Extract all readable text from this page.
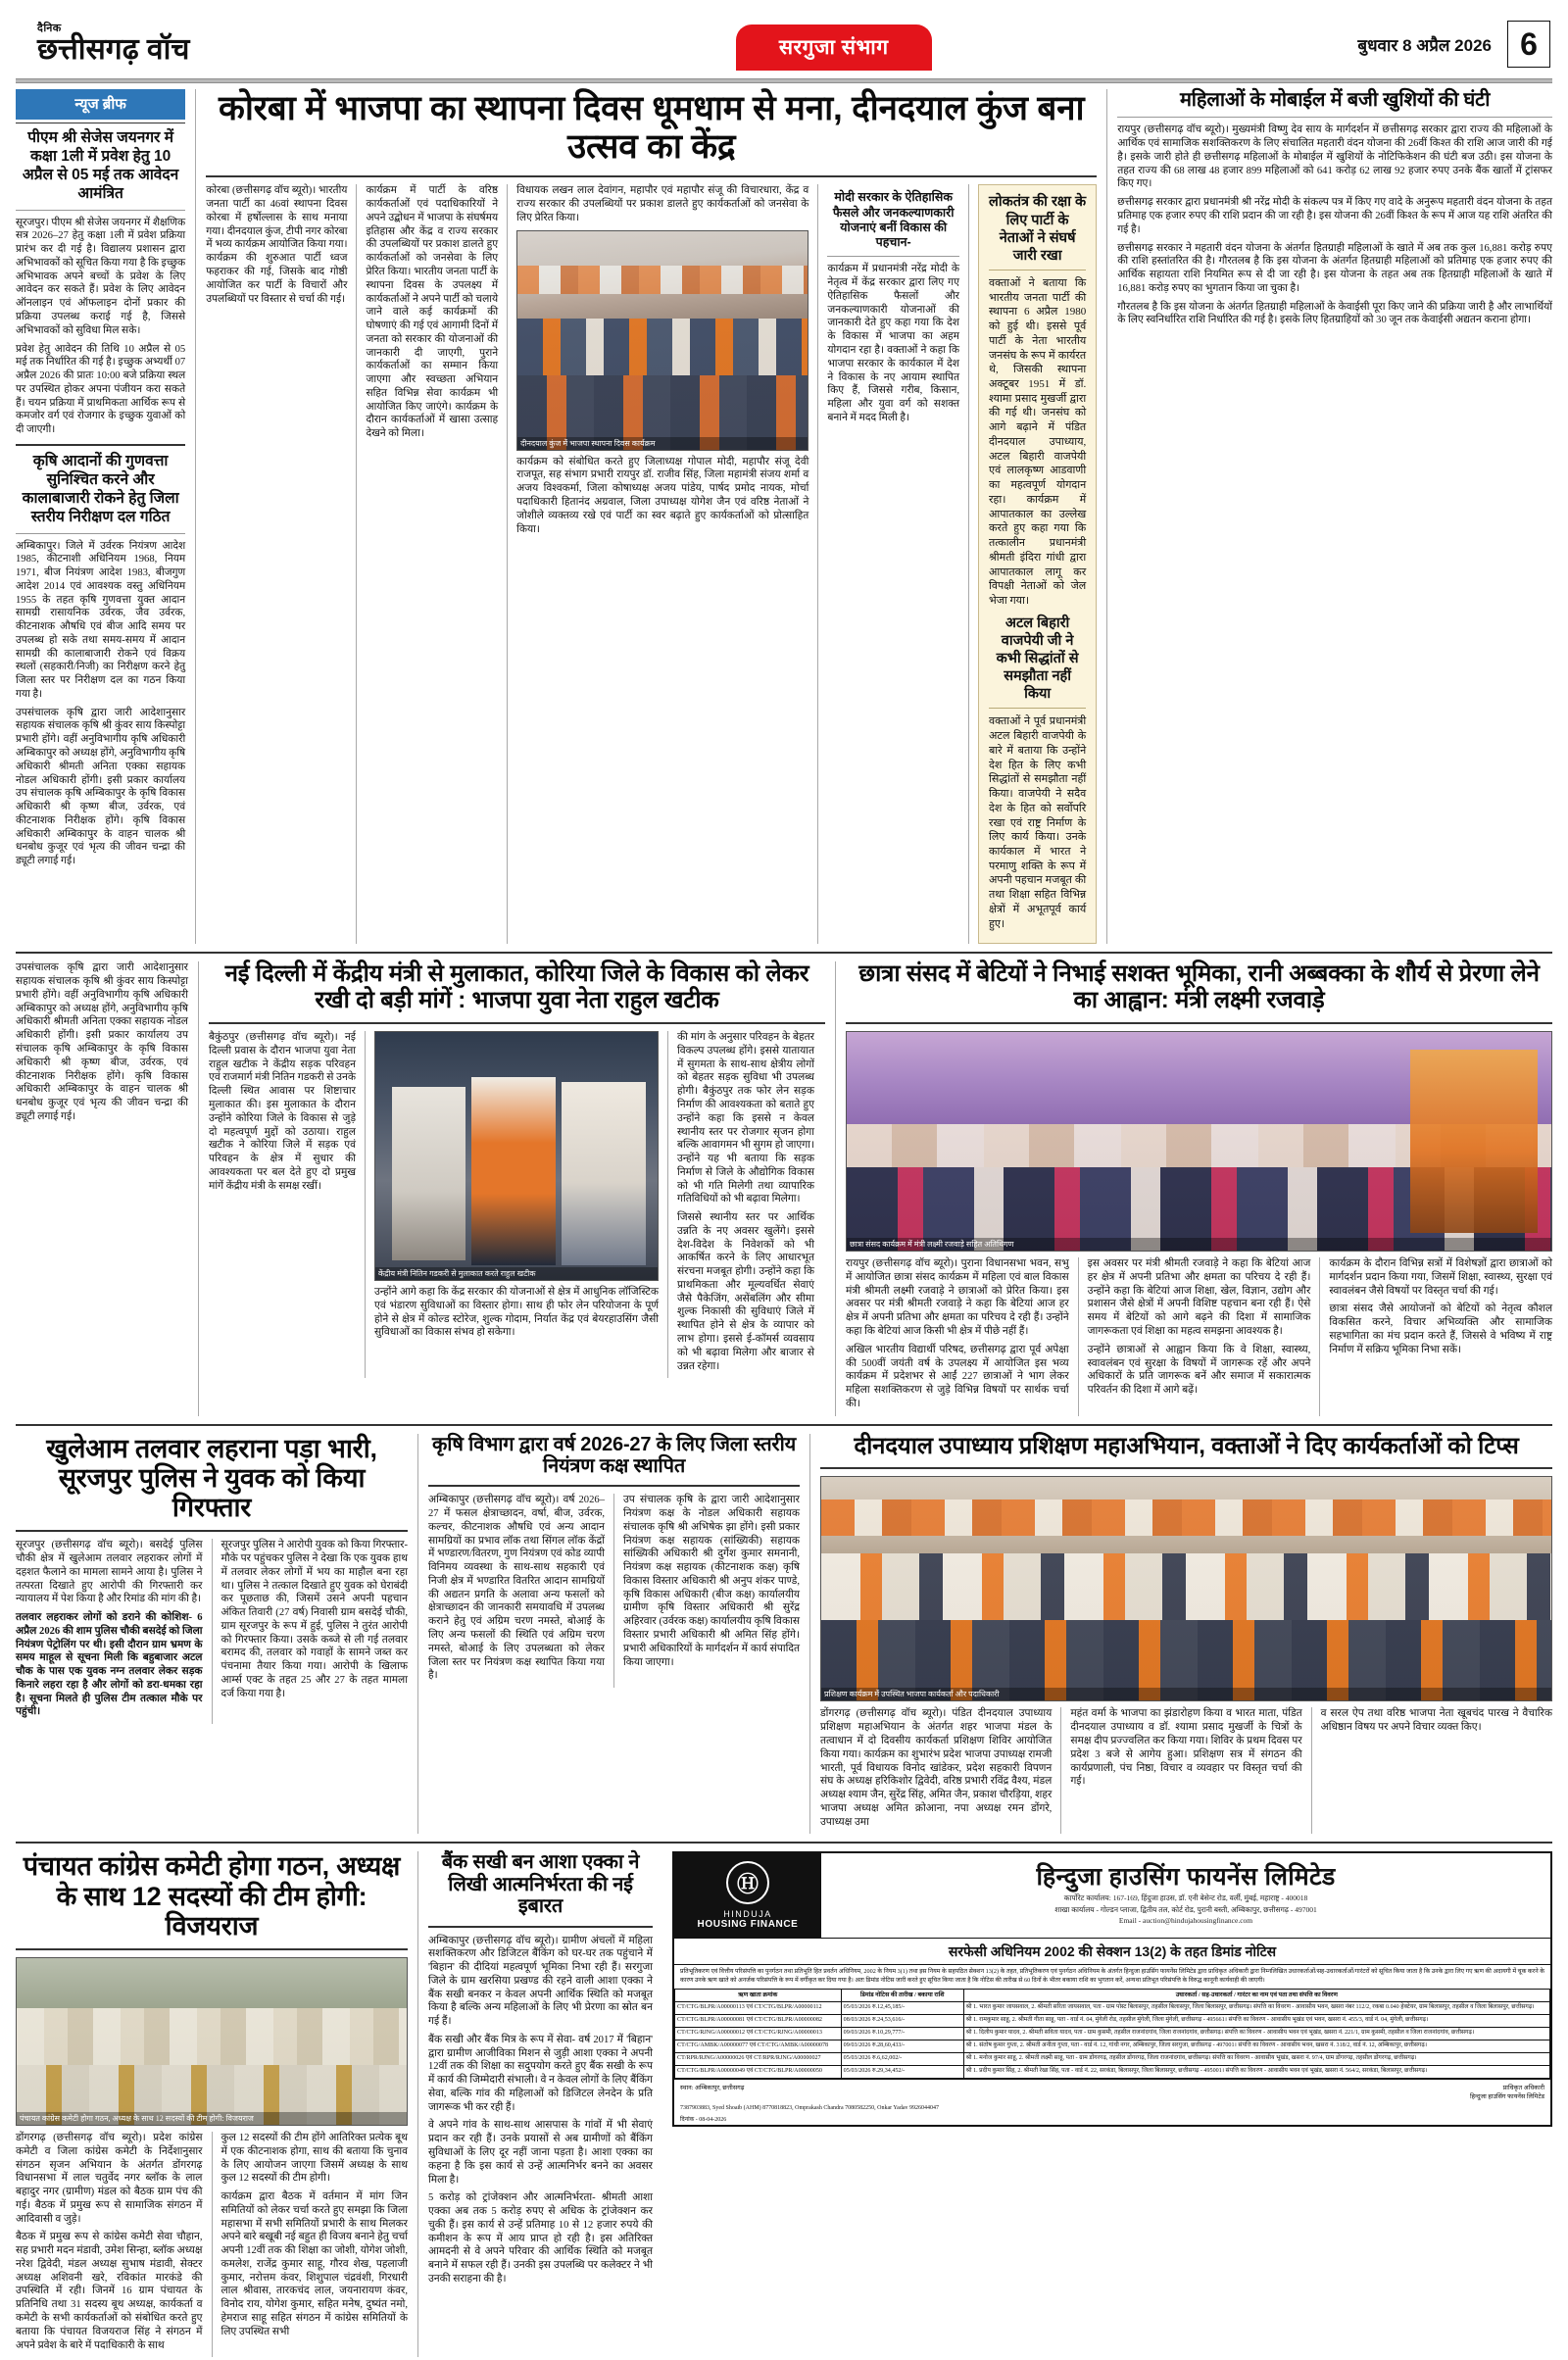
दैनिक
छत्तीसगढ़ वॉच	सरगुजा संभाग	बुधवार 8 अप्रैल 2026 6
न्यूज ब्रीफ
पीएम श्री सेजेस जयनगर में कक्षा 1ली में प्रवेश हेतु 10 अप्रैल से 05 मई तक आवेदन आमंत्रित

सूरजपुर। पीएम श्री सेजेस जयनगर में शैक्षणिक सत्र 2026–27 हेतु कक्षा 1ली में प्रवेश प्रक्रिया प्रारंभ कर दी गई है। विद्यालय प्रशासन द्वारा अभिभावकों को सूचित किया गया है कि इच्छुक अभिभावक अपने बच्चों के प्रवेश के लिए आवेदन कर सकते हैं। प्रवेश के लिए आवेदन ऑनलाइन एवं ऑफलाइन दोनों प्रकार की प्रक्रिया उपलब्ध कराई गई है, जिससे अभिभावकों को सुविधा मिल सके।

प्रवेश हेतु आवेदन की तिथि 10 अप्रैल से 05 मई तक निर्धारित की गई है। इच्छुक अभ्यर्थी 07 अप्रैल 2026 की प्रातः 10:00 बजे प्रक्रिया स्थल पर उपस्थित होकर अपना पंजीयन करा सकते हैं। चयन प्रक्रिया में प्राथमिकता आर्थिक रूप से कमजोर वर्ग एवं रोजगार के इच्छुक युवाओं को दी जाएगी।

कृषि आदानों की गुणवत्ता सुनिश्चित करने और कालाबाजारी रोकने हेतु जिला स्तरीय निरीक्षण दल गठित

अम्बिकापुर। जिले में उर्वरक नियंत्रण आदेश 1985, कीटनाशी अधिनियम 1968, नियम 1971, बीज नियंत्रण आदेश 1983, बीजगुण आदेश 2014 एवं आवश्यक वस्तु अधिनियम 1955 के तहत कृषि गुणवत्ता युक्त आदान सामग्री रासायनिक उर्वरक, जैव उर्वरक, कीटनाशक औषधि एवं बीज आदि समय पर उपलब्ध हो सके तथा समय-समय में आदान सामग्री की कालाबाजारी रोकने एवं विक्रय स्थलों (सहकारी/निजी) का निरीक्षण करने हेतु जिला स्तर पर निरीक्षण दल का गठन किया गया है।

उपसंचालक कृषि द्वारा जारी आदेशानुसार सहायक संचालक कृषि श्री कुंवर साय किस्पोट्टा प्रभारी होंगे। वहीं अनुविभागीय कृषि अधिकारी अम्बिकापुर को अध्यक्ष होंगे, अनुविभागीय कृषि अधिकारी श्रीमती अनिता एक्का सहायक नोडल अधिकारी होंगी। इसी प्रकार कार्यालय उप संचालक कृषि अम्बिकापुर के कृषि विकास अधिकारी श्री कृष्ण बीज, उर्वरक, एवं कीटनाशक निरीक्षक होंगे। कृषि विकास अधिकारी अम्बिकापुर के वाहन चालक श्री धनबोध कुजूर एवं भृत्य की जीवन चन्द्रा की ड्यूटी लगाई गई।

कोरबा में भाजपा का स्थापना दिवस धूमधाम से मना, दीनदयाल कुंज बना उत्सव का केंद्र

कोरबा (छत्तीसगढ़ वॉच ब्यूरो)। भारतीय जनता पार्टी का 46वां स्थापना दिवस कोरबा में हर्षोल्लास के साथ मनाया गया। दीनदयाल कुंज, टीपी नगर कोरबा में भव्य कार्यक्रम आयोजित किया गया। कार्यक्रम की शुरुआत पार्टी ध्वज फहराकर की गई, जिसके बाद गोष्ठी आयोजित कर पार्टी के विचारों और उपलब्धियों पर विस्तार से चर्चा की गई।

कार्यक्रम में पार्टी के वरिष्ठ कार्यकर्ताओं एवं पदाधिकारियों ने अपने उद्बोधन में भाजपा के संघर्षमय इतिहास और केंद्र व राज्य सरकार की उपलब्धियों पर प्रकाश डालते हुए कार्यकर्ताओं को जनसेवा के लिए प्रेरित किया। भारतीय जनता पार्टी के स्थापना दिवस के उपलक्ष्य में कार्यकर्ताओं ने अपने पार्टी को चलाये जाने वाले कई कार्यक्रमों की घोषणाएं की गई एवं आगामी दिनों में जनता को सरकार की योजनाओं की जानकारी दी जाएगी, पुराने कार्यकर्ताओं का सम्मान किया जाएगा और स्वच्छता अभियान सहित विभिन्न सेवा कार्यक्रम भी आयोजित किए जाएंगे। कार्यक्रम के दौरान कार्यकर्ताओं में खासा उत्साह देखने को मिला।

विधायक लखन लाल देवांगन, महापौर एवं महापौर संजू की विचारधारा, केंद्र व राज्य सरकार की उपलब्धियों पर प्रकाश डालते हुए कार्यकर्ताओं को जनसेवा के लिए प्रेरित किया।

दीनदयाल कुंज में भाजपा स्थापना दिवस कार्यक्रम

कार्यक्रम को संबोधित करते हुए जिलाध्यक्ष गोपाल मोदी, महापौर संजू देवी राजपूत, सह संभाग प्रभारी रायपुर डॉ. राजीव सिंह, जिला महामंत्री संजय शर्मा व अजय विश्वकर्मा, जिला कोषाध्यक्ष अजय पांडेय, पार्षद प्रमोद नायक, मोर्चा पदाधिकारी हितानंद अग्रवाल, जिला उपाध्यक्ष योगेश जैन एवं वरिष्ठ नेताओं ने जोशीले व्यक्तव्य रखे एवं पार्टी का स्वर बढ़ाते हुए कार्यकर्ताओं को प्रोत्साहित किया।

मोदी सरकार के ऐतिहासिक फैसले और जनकल्याणकारी योजनाएं बनीं विकास की पहचान-

कार्यक्रम में प्रधानमंत्री नरेंद्र मोदी के नेतृत्व में केंद्र सरकार द्वारा लिए गए ऐतिहासिक फैसलों और जनकल्याणकारी योजनाओं की जानकारी देते हुए कहा गया कि देश के विकास में भाजपा का अहम योगदान रहा है। वक्ताओं ने कहा कि भाजपा सरकार के कार्यकाल में देश ने विकास के नए आयाम स्थापित किए हैं, जिससे गरीब, किसान, महिला और युवा वर्ग को सशक्त बनाने में मदद मिली है।

लोकतंत्र की रक्षा के लिए पार्टी के नेताओं ने संघर्ष जारी रखा

वक्ताओं ने बताया कि भारतीय जनता पार्टी की स्थापना 6 अप्रैल 1980 को हुई थी। इससे पूर्व पार्टी के नेता भारतीय जनसंघ के रूप में कार्यरत थे, जिसकी स्थापना अक्टूबर 1951 में डॉ. श्यामा प्रसाद मुखर्जी द्वारा की गई थी। जनसंघ को आगे बढ़ाने में पंडित दीनदयाल उपाध्याय, अटल बिहारी वाजपेयी एवं लालकृष्ण आडवाणी का महत्वपूर्ण योगदान रहा। कार्यक्रम में आपातकाल का उल्लेख करते हुए कहा गया कि तत्कालीन प्रधानमंत्री श्रीमती इंदिरा गांधी द्वारा आपातकाल लागू कर विपक्षी नेताओं को जेल भेजा गया।

अटल बिहारी वाजपेयी जी ने कभी सिद्धांतों से समझौता नहीं किया

वक्ताओं ने पूर्व प्रधानमंत्री अटल बिहारी वाजपेयी के बारे में बताया कि उन्होंने देश हित के लिए कभी सिद्धांतों से समझौता नहीं किया। वाजपेयी ने सदैव देश के हित को सर्वोपरि रखा एवं राष्ट्र निर्माण के लिए कार्य किया। उनके कार्यकाल में भारत ने परमाणु शक्ति के रूप में अपनी पहचान मजबूत की तथा शिक्षा सहित विभिन्न क्षेत्रों में अभूतपूर्व कार्य हुए।

महिलाओं के मोबाईल में बजी खुशियों की घंटी

रायपुर (छत्तीसगढ़ वॉच ब्यूरो)। मुख्यमंत्री विष्णु देव साय के मार्गदर्शन में छत्तीसगढ़ सरकार द्वारा राज्य की महिलाओं के आर्थिक एवं सामाजिक सशक्तिकरण के लिए संचालित महतारी वंदन योजना की 26वीं किश्त की राशि आज जारी की गई है। इसके जारी होते ही छत्तीसगढ़ महिलाओं के मोबाईल में खुशियों के नोटिफिकेशन की घंटी बज उठी। इस योजना के तहत राज्य की 68 लाख 48 हजार 899 महिलाओं को 641 करोड़ 62 लाख 92 हजार रुपए उनके बैंक खातों में ट्रांसफर किए गए।

छत्तीसगढ़ सरकार द्वारा प्रधानमंत्री श्री नरेंद्र मोदी के संकल्प पत्र में किए गए वादे के अनुरूप महतारी वंदन योजना के तहत प्रतिमाह एक हजार रुपए की राशि प्रदान की जा रही है। इस योजना की 26वीं किश्त के रूप में आज यह राशि अंतरित की गई है।

छत्तीसगढ़ सरकार ने महतारी वंदन योजना के अंतर्गत हितग्राही महिलाओं के खाते में अब तक कुल 16,881 करोड़ रुपए की राशि हस्तांतरित की है। गौरतलब है कि इस योजना के अंतर्गत हितग्राही महिलाओं को प्रतिमाह एक हजार रुपए की आर्थिक सहायता राशि नियमित रूप से दी जा रही है। इस योजना के तहत अब तक हितग्राही महिलाओं के खाते में 16,881 करोड़ रुपए का भुगतान किया जा चुका है।

गौरतलब है कि इस योजना के अंतर्गत हितग्राही महिलाओं के केवाईसी पूरा किए जाने की प्रक्रिया जारी है और लाभार्थियों के लिए स्वनिर्धारित राशि निर्धारित की गई है। इसके लिए हितग्राहियों को 30 जून तक केवाईसी अद्यतन कराना होगा।

उपसंचालक कृषि द्वारा जारी आदेशानुसार सहायक संचालक कृषि श्री कुंवर साय किस्पोट्टा प्रभारी होंगे। वहीं अनुविभागीय कृषि अधिकारी अम्बिकापुर को अध्यक्ष होंगे, अनुविभागीय कृषि अधिकारी श्रीमती अनिता एक्का सहायक नोडल अधिकारी होंगी। इसी प्रकार कार्यालय उप संचालक कृषि अम्बिकापुर के कृषि विकास अधिकारी श्री कृष्ण बीज, उर्वरक, एवं कीटनाशक निरीक्षक होंगे। कृषि विकास अधिकारी अम्बिकापुर के वाहन चालक श्री धनबोध कुजूर एवं भृत्य की जीवन चन्द्रा की ड्यूटी लगाई गई।

नई दिल्ली में केंद्रीय मंत्री से मुलाकात, कोरिया जिले के विकास को लेकर रखी दो बड़ी मांगें : भाजपा युवा नेता राहुल खटीक

बैकुंठपुर (छत्तीसगढ़ वॉच ब्यूरो)। नई दिल्ली प्रवास के दौरान भाजपा युवा नेता राहुल खटीक ने केंद्रीय सड़क परिवहन एवं राजमार्ग मंत्री नितिन गडकरी से उनके दिल्ली स्थित आवास पर शिष्टाचार मुलाकात की। इस मुलाकात के दौरान उन्होंने कोरिया जिले के विकास से जुड़े दो महत्वपूर्ण मुद्दों को उठाया। राहुल खटीक ने कोरिया जिले में सड़क एवं परिवहन के क्षेत्र में सुधार की आवश्यकता पर बल देते हुए दो प्रमुख मांगें केंद्रीय मंत्री के समक्ष रखीं।

केंद्रीय मंत्री नितिन गडकरी से मुलाकात करते राहुल खटीक

उन्होंने आगे कहा कि केंद्र सरकार की योजनाओं से क्षेत्र में आधुनिक लॉजिस्टिक एवं भंडारण सुविधाओं का विस्तार होगा। साथ ही फोर लेन परियोजना के पूर्ण होने से क्षेत्र में कोल्ड स्टोरेज, शुल्क गोदाम, निर्यात केंद्र एवं बेयरहाउसिंग जैसी सुविधाओं का विकास संभव हो सकेगा।

की मांग के अनुसार परिवहन के बेहतर विकल्प उपलब्ध होंगे। इससे यातायात में सुगमता के साथ-साथ क्षेत्रीय लोगों को बेहतर सड़क सुविधा भी उपलब्ध होगी। बैकुंठपुर तक फोर लेन सड़क निर्माण की आवश्यकता को बताते हुए उन्होंने कहा कि इससे न केवल स्थानीय स्तर पर रोजगार सृजन होगा बल्कि आवागमन भी सुगम हो जाएगा। उन्होंने यह भी बताया कि सड़क निर्माण से जिले के औद्योगिक विकास को भी गति मिलेगी तथा व्यापारिक गतिविधियों को भी बढ़ावा मिलेगा।

जिससे स्थानीय स्तर पर आर्थिक उन्नति के नए अवसर खुलेंगे। इससे देश-विदेश के निवेशकों को भी आकर्षित करने के लिए आधारभूत संरचना मजबूत होगी। उन्होंने कहा कि प्राथमिकता और मूल्यवर्धित सेवाएं जैसे पैकेजिंग, असेंबलिंग और सीमा शुल्क निकासी की सुविधाएं जिले में स्थापित होने से क्षेत्र के व्यापार को लाभ होगा। इससे ई-कॉमर्स व्यवसाय को भी बढ़ावा मिलेगा और बाजार से उन्नत रहेगा।

छात्रा संसद में बेटियों ने निभाई सशक्त भूमिका, रानी अब्बक्का के शौर्य से प्रेरणा लेने का आह्वान: मंत्री लक्ष्मी रजवाड़े
छात्रा संसद कार्यक्रम में मंत्री लक्ष्मी रजवाड़े सहित अतिथिगण

रायपुर (छत्तीसगढ़ वॉच ब्यूरो)। पुराना विधानसभा भवन, सभु में आयोजित छात्रा संसद कार्यक्रम में महिला एवं बाल विकास मंत्री श्रीमती लक्ष्मी रजवाड़े ने छात्राओं को प्रेरित किया। इस अवसर पर मंत्री श्रीमती रजवाड़े ने कहा कि बेटियां आज हर क्षेत्र में अपनी प्रतिभा और क्षमता का परिचय दे रही हैं। उन्होंने कहा कि बेटियां आज किसी भी क्षेत्र में पीछे नहीं हैं।

अखिल भारतीय विद्यार्थी परिषद, छत्तीसगढ़ द्वारा पूर्व अपेक्षा की 500वीं जयंती वर्ष के उपलक्ष्य में आयोजित इस भव्य कार्यक्रम में प्रदेशभर से आईं 227 छात्राओं ने भाग लेकर महिला सशक्तिकरण से जुड़े विभिन्न विषयों पर सार्थक चर्चा की।

इस अवसर पर मंत्री श्रीमती रजवाड़े ने कहा कि बेटियां आज हर क्षेत्र में अपनी प्रतिभा और क्षमता का परिचय दे रही हैं। उन्होंने कहा कि बेटियां आज शिक्षा, खेल, विज्ञान, उद्योग और प्रशासन जैसे क्षेत्रों में अपनी विशिष्ट पहचान बना रही हैं। ऐसे समय में बेटियों को आगे बढ़ने की दिशा में सामाजिक जागरूकता एवं शिक्षा का महत्व समझना आवश्यक है।

उन्होंने छात्राओं से आह्वान किया कि वे शिक्षा, स्वास्थ्य, स्वावलंबन एवं सुरक्षा के विषयों में जागरूक रहें और अपने अधिकारों के प्रति जागरूक बनें और समाज में सकारात्मक परिवर्तन की दिशा में आगे बढ़ें।

कार्यक्रम के दौरान विभिन्न सत्रों में विशेषज्ञों द्वारा छात्राओं को मार्गदर्शन प्रदान किया गया, जिसमें शिक्षा, स्वास्थ्य, सुरक्षा एवं स्वावलंबन जैसे विषयों पर विस्तृत चर्चा की गई।

छात्रा संसद जैसे आयोजनों को बेटियों को नेतृत्व कौशल विकसित करने, विचार अभिव्यक्ति और सामाजिक सहभागिता का मंच प्रदान करते हैं, जिससे वे भविष्य में राष्ट्र निर्माण में सक्रिय भूमिका निभा सकें।

खुलेआम तलवार लहराना पड़ा भारी, सूरजपुर पुलिस ने युवक को किया गिरफ्तार

सूरजपुर (छत्तीसगढ़ वॉच ब्यूरो)। बसदेई पुलिस चौकी क्षेत्र में खुलेआम तलवार लहराकर लोगों में दहशत फैलाने का मामला सामने आया है। पुलिस ने तत्परता दिखाते हुए आरोपी की गिरफ्तारी कर न्यायालय में पेश किया है और रिमांड की मांग की है।

तलवार लहराकर लोगों को डराने की कोशिश- 6 अप्रैल 2026 की शाम पुलिस चौकी बसदेई को जिला नियंत्रण पेट्रोलिंग पर थी। इसी दौरान ग्राम भ्रमण के समय माहूल से सूचना मिली कि बहुबाजार अटल चौक के पास एक युवक नग्न तलवार लेकर सड़क किनारे लहरा रहा है और लोगों को डरा-धमका रहा है। सूचना मिलते ही पुलिस टीम तत्काल मौके पर पहुंची।

सूरजपुर पुलिस ने आरोपी युवक को किया गिरफ्तार- मौके पर पहुंचकर पुलिस ने देखा कि एक युवक हाथ में तलवार लेकर लोगों में भय का माहौल बना रहा था। पुलिस ने तत्काल दिखाते हुए युवक को घेराबंदी कर पूछताछ की, जिसमें उसने अपनी पहचान अंकित तिवारी (27 वर्ष) निवासी ग्राम बसदेई चौकी, ग्राम सूरजपुर के रूप में हुई, पुलिस ने तुरंत आरोपी को गिरफ्तार किया। उसके कब्जे से ली गई तलवार बरामद की, तलवार को गवाहों के सामने जब्त कर पंचनामा तैयार किया गया। आरोपी के खिलाफ आर्म्स एक्ट के तहत 25 और 27 के तहत मामला दर्ज किया गया है।

कृषि विभाग द्वारा वर्ष 2026-27 के लिए जिला स्तरीय नियंत्रण कक्ष स्थापित

अम्बिकापुर (छत्तीसगढ़ वॉच ब्यूरो)। वर्ष 2026–27 में फसल क्षेत्राच्छादन, वर्षा, बीज, उर्वरक, कल्चर, कीटनाशक औषधि एवं अन्य आदान सामग्रियों का प्रभाव लॉक तथा सिंगल लॉक केंद्रों में भण्डारण/वितरण, गुण नियंत्रण एवं कोड व्यापी विनिमय व्यवस्था के साथ-साथ सहकारी एवं निजी क्षेत्र में भण्डारित वितरित आदान सामग्रियों की अद्यतन प्रगति के अलावा अन्य फसलों को क्षेत्राच्छादन की जानकारी समयावधि में उपलब्ध कराने हेतु एवं अग्रिम चरण नमस्ते, बोआई के लिए अन्य फसलों की स्थिति एवं अग्रिम चरण नमस्ते, बोआई के लिए उपलब्धता को लेकर जिला स्तर पर नियंत्रण कक्ष स्थापित किया गया है।

उप संचालक कृषि के द्वारा जारी आदेशानुसार नियंत्रण कक्ष के नोडल अधिकारी सहायक संचालक कृषि श्री अभिषेक झा होंगे। इसी प्रकार नियंत्रण कक्ष सहायक (सांख्यिकी) सहायक सांख्यिकी अधिकारी श्री दुर्गेश कुमार समनानी, नियंत्रण कक्ष सहायक (कीटनाशक कक्ष) कृषि विकास विस्तार अधिकारी श्री अनुप शंकर पाण्डे, कृषि विकास अधिकारी (बीज कक्ष) कार्यालयीय ग्रामीण कृषि विस्तार अधिकारी श्री सुरेंद्र अहिरवार (उर्वरक कक्ष) कार्यालयीय कृषि विकास विस्तार प्रभारी अधिकारी श्री अमित सिंह होंगे। प्रभारी अधिकारियों के मार्गदर्शन में कार्य संपादित किया जाएगा।

दीनदयाल उपाध्याय प्रशिक्षण महाअभियान, वक्ताओं ने दिए कार्यकर्ताओं को टिप्स
प्रशिक्षण कार्यक्रम में उपस्थित भाजपा कार्यकर्ता और पदाधिकारी

डोंगरगढ़ (छत्तीसगढ़ वॉच ब्यूरो)। पंडित दीनदयाल उपाध्याय प्रशिक्षण महाअभियान के अंतर्गत शहर भाजपा मंडल के तत्वाधान में दो दिवसीय कार्यकर्ता प्रशिक्षण शिविर आयोजित किया गया। कार्यक्रम का शुभारंभ प्रदेश भाजपा उपाध्यक्ष रामजी भारती, पूर्व विधायक विनोद खांडेकर, प्रदेश सहकारी विपणन संघ के अध्यक्ष हरिकिशोर द्विवेदी, वरिष्ठ प्रभारी रविंद्र वैश्य, मंडल अध्यक्ष श्याम जैन, सुरेंद्र सिंह, अमित जैन, प्रकाश चौरड़िया, शहर भाजपा अध्यक्ष अमित क्रोआना, नपा अध्यक्ष रमन डोंगरे, उपाध्यक्ष उमा

महंत वर्मा के भाजपा का झंडारोहण किया व भारत माता, पंडित दीनदयाल उपाध्याय व डॉ. श्यामा प्रसाद मुखर्जी के चित्रों के समक्ष दीप प्रज्ज्वलित कर किया गया। शिविर के प्रथम दिवस पर प्रदेश 3 बजे से आगेय हुआ। प्रशिक्षण सत्र में संगठन की कार्यप्रणाली, पंच निष्ठा, विचार व व्यवहार पर विस्तृत चर्चा की गई।

व सरल ऐप तथा वरिष्ठ भाजपा नेता खूबचंद पारख ने वैचारिक अधिष्ठान विषय पर अपने विचार व्यक्त किए।

पंचायत कांग्रेस कमेटी होगा गठन, अध्यक्ष के साथ 12 सदस्यों की टीम होगी: विजयराज
पंचायत कांग्रेस कमेटी होगा गठन, अध्यक्ष के साथ 12 सदस्यों की टीम होगी: विजयराज

डोंगरगढ़ (छत्तीसगढ़ वॉच ब्यूरो)। प्रदेश कांग्रेस कमेटी व जिला कांग्रेस कमेटी के निर्देशानुसार संगठन सृजन अभियान के अंतर्गत डोंगरगढ़ विधानसभा में लाल चतुर्वेद नगर ब्लॉक के लाल बहादुर नगर (ग्रामीण) मंडल को बैठक ग्राम पंच की गई। बैठक में प्रमुख रूप से सामाजिक संगठन में आदिवासी व जुड़े।

बैठक में प्रमुख रूप से कांग्रेस कमेटी सेवा चौहान, सह प्रभारी मदन मंडावी, उमेश सिन्हा, ब्लॉक अध्यक्ष नरेश द्विवेदी, मंडल अध्यक्ष सुभाष मंडावी, सेक्टर अध्यक्ष अशिवनी खरे, रविकांत मारकंडे की उपस्थिति में रही। जिनमें 16 ग्राम पंचायत के प्रतिनिधि तथा 31 सदस्य बूथ अध्यक्ष, कार्यकर्ता व कमेटी के सभी कार्यकर्ताओं को संबोधित करते हुए बताया कि पंचायत विजयराज सिंह ने संगठन में अपने प्रवेश के बारे में पदाधिकारी के साथ

कुल 12 सदस्यों की टीम होंगे आतिरिक्त प्रत्येक बूथ में एक कीटनाशक होगा, साथ की बताया कि चुनाव के लिए आयोजन जाएगा जिसमें अध्यक्ष के साथ कुल 12 सदस्यों की टीम होगी।

कार्यक्रम द्वारा बैठक में वर्तमान में मांग जिन समितियों को लेकर चर्चा करते हुए समझा कि जिला महासभा में सभी समितियों प्रभारी के साथ मिलकर अपने बारे बखूबी नई बहुत ही विजय बनाने हेतु चर्चा अपनी 12वीं तक की शिक्षा का जोशी, योगेश जोशी, कमलेश, राजेंद्र कुमार साहू, गौरव शेख, पहलाजी कुमार, नरोत्तम कंवर, शिशुपाल चंद्रवंशी, गिरधारी लाल श्रीवास, तारकचंद लाल, जयनारायण कंवर, विनोद राय, योगेश कुमार, सहित मनेष, दुष्यंत नमो, हेमराज साहू सहित संगठन में कांग्रेस समितियों के लिए उपस्थित सभी

बैंक सखी बन आशा एक्का ने लिखी आत्मनिर्भरता की नई इबारत

अम्बिकापुर (छत्तीसगढ़ वॉच ब्यूरो)। ग्रामीण अंचलों में महिला सशक्तिकरण और डिजिटल बैंकिंग को घर-घर तक पहुंचाने में 'बिहान' की दीदियां महत्वपूर्ण भूमिका निभा रही हैं। सरगुजा जिले के ग्राम खरसिया प्रखण्ड की रहने वाली आशा एक्का ने बैंक सखी बनकर न केवल अपनी आर्थिक स्थिति को मजबूत किया है बल्कि अन्य महिलाओं के लिए भी प्रेरणा का स्रोत बन गई हैं।

बैंक सखी और बैंक मित्र के रूप में सेवा- वर्ष 2017 में 'बिहान' द्वारा ग्रामीण आजीविका मिशन से जुड़ी आशा एक्का ने अपनी 12वीं तक की शिक्षा का सदुपयोग करते हुए बैंक सखी के रूप में कार्य की जिम्मेदारी संभाली। वे न केवल लोगों के लिए बैंकिंग सेवा, बल्कि गांव की महिलाओं को डिजिटल लेनदेन के प्रति जागरूक भी कर रही हैं।

वे अपने गांव के साथ-साथ आसपास के गांवों में भी सेवाएं प्रदान कर रही हैं। उनके प्रयासों से अब ग्रामीणों को बैंकिंग सुविधाओं के लिए दूर नहीं जाना पड़ता है। आशा एक्का का कहना है कि इस कार्य से उन्हें आत्मनिर्भर बनने का अवसर मिला है।

5 करोड़ को ट्रांजेक्शन और आत्मनिर्भरता- श्रीमती आशा एक्का अब तक 5 करोड़ रुपए से अधिक के ट्रांजेक्शन कर चुकी हैं। इस कार्य से उन्हें प्रतिमाह 10 से 12 हजार रुपये की कमीशन के रूप में आय प्राप्त हो रही है। इस अतिरिक्त आमदनी से वे अपने परिवार की आर्थिक स्थिति को मजबूत बनाने में सफल रही हैं। उनकी इस उपलब्धि पर कलेक्टर ने भी उनकी सराहना की है।

Ⓗ
HINDUJA
HOUSING FINANCE
हिन्दुजा हाउसिंग फायनेंस लिमिटेड
कार्पोरेट कार्यालय: 167-169, हिंदुजा हाउस, डॉ. एनी बेसेन्ट रोड, वर्ली, मुंबई, महाराष्ट्र - 400018
शाखा कार्यालय - गोल्डन प्लाजा, द्वितीय तल, कोर्ट रोड, पुरानी बस्ती, अम्बिकापुर, छत्तीसगढ़ - 497001
Email - auction@hindujahousingfinance.com
सरफेसी अधिनियम 2002 की सेक्शन 13(2) के तहत डिमांड नोटिस
प्रतिभूतिकरण एवं वित्तीय परिसंपत्ति का पुनर्गठन तथा प्रतिभूति हित प्रवर्तन अधिनियम, 2002 के नियम 3(1) तथा इस नियम के सहपठित सेक्शन 13(2) के तहत, प्रतिभूतिकरण एवं पुनर्गठन अधिनियम के अंतर्गत हिन्दुजा हाउसिंग फायनेंस लिमिटेड द्वारा प्राधिकृत अधिकारी द्वारा निम्नलिखित उधारकर्ताओं/सह-उधारकर्ताओं/गारंटरों को सूचित किया जाता है कि उनके द्वारा लिए गए ऋण की अदायगी में चूक करने के कारण उनके ऋण खाते को अनर्जक परिसंपत्ति के रूप में वर्गीकृत कर दिया गया है। अतः डिमांड नोटिस जारी करते हुए सूचित किया जाता है कि नोटिस की तारीख से 60 दिनों के भीतर बकाया राशि का भुगतान करें, अन्यथा प्रतिभूत परिसंपत्ति के विरुद्ध कानूनी कार्यवाही की जाएगी।
ऋण खाता क्रमांक	डिमांड नोटिस की तारीख / बकाया राशि	उधारकर्ता / सह-उधारकर्ता / गारंटर का नाम एवं पता तथा संपत्ति का विवरण
CT/CTG/BLPR/A00000113 एवं CT/CTG/BLPR/A00000112	05/03/2026 रु.12,45,185/-	श्री 1. भारत कुमार जायसवाल, 2. श्रीमती सरिता जायसवाल, पता - ग्राम पोस्ट बिलासपुर, तहसील बिलासपुर, जिला बिलासपुर, छत्तीसगढ़। संपत्ति का विवरण - आवासीय भवन, खसरा नंबर 112/2, रकबा 0.040 हेक्टेयर, ग्राम बिलासपुर, तहसील व जिला बिलासपुर, छत्तीसगढ़।
CT/CTG/BLPR/A00000081 एवं CT/CTG/BLPR/A00000082	08/03/2026 रु.24,53,616/-	श्री 1. रामकुमार साहू, 2. श्रीमती गीता साहू, पता - वार्ड नं. 04, मुंगेली रोड, तहसील मुंगेली, जिला मुंगेली, छत्तीसगढ़ - 495661। संपत्ति का विवरण - आवासीय भूखंड एवं भवन, खसरा नं. 455/3, वार्ड नं. 04, मुंगेली, छत्तीसगढ़।
CT/CTG/RJNG/A00000012 एवं CT/CTG/RJNG/A00000013	09/03/2026 रु.10,29,777/-	श्री 1. दिलीप कुमार यादव, 2. श्रीमती सविता यादव, पता - ग्राम कुसमी, तहसील राजनांदगांव, जिला राजनांदगांव, छत्तीसगढ़। संपत्ति का विवरण - आवासीय भवन एवं भूखंड, खसरा नं. 221/1, ग्राम कुसमी, तहसील व जिला राजनांदगांव, छत्तीसगढ़।
CT/CTG/AMBK/A00000077 एवं CT/CTG/AMBK/A00000078	09/03/2026 रु.28,60,433/-	श्री 1. संतोष कुमार गुप्ता, 2. श्रीमती अनीता गुप्ता, पता - वार्ड नं. 12, गांधी नगर, अम्बिकापुर, जिला सरगुजा, छत्तीसगढ़ - 497001। संपत्ति का विवरण - आवासीय भवन, खसरा नं. 318/2, वार्ड नं. 12, अम्बिकापुर, छत्तीसगढ़।
CT/RPR/RJNG/A00000026 एवं CT/RPR/RJNG/A00000027	05/03/2026 रु.6,62,002/-	श्री 1. मनोज कुमार साहू, 2. श्रीमती लक्ष्मी साहू, पता - ग्राम डोंगरगढ़, तहसील डोंगरगढ़, जिला राजनांदगांव, छत्तीसगढ़। संपत्ति का विवरण - आवासीय भूखंड, खसरा नं. 97/4, ग्राम डोंगरगढ़, तहसील डोंगरगढ़, छत्तीसगढ़।
CT/CTG/BLPR/A00000049 एवं CT/CTG/BLPR/A00000050	05/03/2026 रु.29,34,452/-	श्री 1. प्रदीप कुमार सिंह, 2. श्रीमती रेखा सिंह, पता - वार्ड नं. 22, सरकंडा, बिलासपुर, जिला बिलासपुर, छत्तीसगढ़ - 495001। संपत्ति का विवरण - आवासीय भवन एवं भूखंड, खसरा नं. 564/2, सरकंडा, बिलासपुर, छत्तीसगढ़।
स्थान: अम्बिकापुर, छत्तीसगढ़	प्राधिकृत अधिकारी
हिन्दुजा हाउसिंग फायनेंस लिमिटेड
7387903883, Syed Shoaib (AHM) 8770818823, Omprakash Chandra 7080582250, Onkar Yadav 9926044047
दिनांक - 08-04-2026
